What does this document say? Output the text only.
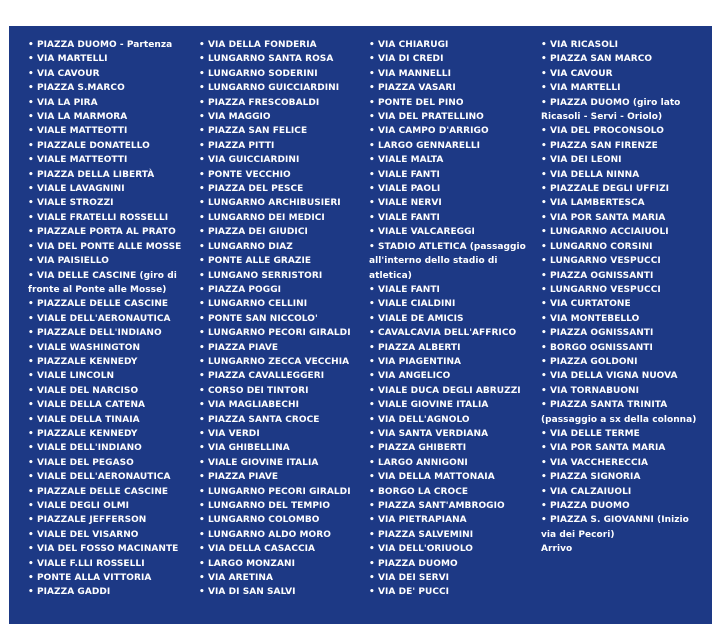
• PIAZZA DUOMO - Partenza
• VIA MARTELLI
• VIA CAVOUR
• PIAZZA S.MARCO
• VIA LA PIRA
• VIA LA MARMORA
• VIALE MATTEOTTI
• PIAZZALE DONATELLO
• VIALE MATTEOTTI
• PIAZZA DELLA LIBERTÀ
• VIALE LAVAGNINI
• VIALE STROZZI
• VIALE FRATELLI ROSSELLI
• PIAZZALE PORTA AL PRATO
• VIA DEL PONTE ALLE MOSSE
• VIA PAISIELLO
• VIA DELLE CASCINE (giro di fronte al Ponte alle Mosse)
• PIAZZALE DELLE CASCINE
• VIALE DELL'AERONAUTICA
• PIAZZALE DELL'INDIANO
• VIALE WASHINGTON
• PIAZZALE KENNEDY
• VIALE LINCOLN
• VIALE DEL NARCISO
• VIALE DELLA CATENA
• VIALE DELLA TINAIA
• PIAZZALE KENNEDY
• VIALE DELL'INDIANO
• VIALE DEL PEGASO
• VIALE DELL'AERONAUTICA
• PIAZZALE DELLE CASCINE
• VIALE DEGLI OLMI
• PIAZZALE JEFFERSON
• VIALE DEL VISARNO
• VIA DEL FOSSO MACINANTE
• VIALE F.LLI ROSSELLI
• PONTE ALLA VITTORIA
• PIAZZA GADDI
• VIA DELLA FONDERIA
• LUNGARNO SANTA ROSA
• LUNGARNO SODERINI
• LUNGARNO GUICCIARDINI
• PIAZZA FRESCOBALDI
• VIA MAGGIO
• PIAZZA SAN FELICE
• PIAZZA PITTI
• VIA GUICCIARDINI
• PONTE VECCHIO
• PIAZZA DEL PESCE
• LUNGARNO ARCHIBUSIERI
• LUNGARNO DEI MEDICI
• PIAZZA DEI GIUDICI
• LUNGARNO DIAZ
• PONTE ALLE GRAZIE
• LUNGANO SERRISTORI
• PIAZZA POGGI
• LUNGARNO CELLINI
• PONTE SAN NICCOLO'
• LUNGARNO PECORI GIRALDI
• PIAZZA PIAVE
• LUNGARNO ZECCA VECCHIA
• PIAZZA CAVALLEGGERI
• CORSO DEI TINTORI
• VIA MAGLIABECHI
• PIAZZA SANTA CROCE
• VIA VERDI
• VIA GHIBELLINA
• VIALE GIOVINE ITALIA
• PIAZZA PIAVE
• LUNGARNO PECORI GIRALDI
• LUNGARNO DEL TEMPIO
• LUNGARNO COLOMBO
• LUNGARNO ALDO MORO
• VIA DELLA CASACCIA
• LARGO MONZANI
• VIA ARETINA
• VIA DI SAN SALVI
• VIA CHIARUGI
• VIA DI CREDI
• VIA MANNELLI
• PIAZZA VASARI
• PONTE DEL PINO
• VIA DEL PRATELLINO
• VIA CAMPO D'ARRIGO
• LARGO GENNARELLI
• VIALE MALTA
• VIALE FANTI
• VIALE PAOLI
• VIALE NERVI
• VIALE FANTI
• VIALE VALCAREGGI
• STADIO ATLETICA (passaggio all'interno dello stadio di atletica)
• VIALE FANTI
• VIALE CIALDINI
• VIALE DE AMICIS
• CAVALCAVIA DELL'AFFRICO
• PIAZZA ALBERTI
• VIA PIAGENTINA
• VIA ANGELICO
• VIALE DUCA DEGLI ABRUZZI
• VIALE GIOVINE ITALIA
• VIA DELL'AGNOLO
• VIA SANTA VERDIANA
• PIAZZA GHIBERTI
• LARGO ANNIGONI
• VIA DELLA MATTONAIA
• BORGO LA CROCE
• PIAZZA SANT'AMBROGIO
• VIA PIETRAPIANA
• PIAZZA SALVEMINI
• VIA DELL'ORIUOLO
• PIAZZA DUOMO
• VIA DEI SERVI
• VIA DE' PUCCI
• VIA RICASOLI
• PIAZZA SAN MARCO
• VIA CAVOUR
• VIA MARTELLI
• PIAZZA DUOMO (giro lato Ricasoli - Servi - Oriolo)
• VIA DEL PROCONSOLO
• PIAZZA SAN FIRENZE
• VIA DEI LEONI
• VIA DELLA NINNA
• PIAZZALE DEGLI UFFIZI
• VIA LAMBERTESCA
• VIA POR SANTA MARIA
• LUNGARNO ACCIAIUOLI
• LUNGARNO CORSINI
• LUNGARNO VESPUCCI
• PIAZZA OGNISSANTI
• LUNGARNO VESPUCCI
• VIA CURTATONE
• VIA MONTEBELLO
• PIAZZA OGNISSANTI
• BORGO OGNISSANTI
• PIAZZA GOLDONI
• VIA DELLA VIGNA NUOVA
• VIA TORNABUONI
• PIAZZA SANTA TRINITA (passaggio a sx della colonna)
• VIA DELLE TERME
• VIA POR SANTA MARIA
• VIA VACCHERECCIA
• PIAZZA SIGNORIA
• VIA CALZAIUOLI
• PIAZZA DUOMO
• PIAZZA S. GIOVANNI (Inizio via dei Pecori)
Arrivo
